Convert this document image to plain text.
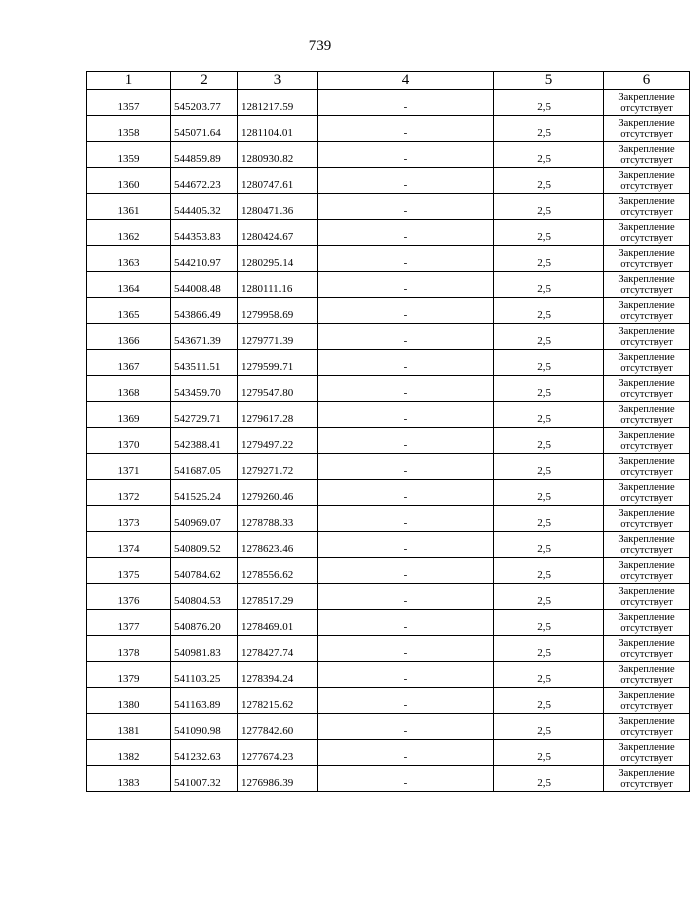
739
1	2	3	4	5	6
1357	545203.77	1281217.59	-	2,5	Закрепление отсутствует
1358	545071.64	1281104.01	-	2,5	Закрепление отсутствует
1359	544859.89	1280930.82	-	2,5	Закрепление отсутствует
1360	544672.23	1280747.61	-	2,5	Закрепление отсутствует
1361	544405.32	1280471.36	-	2,5	Закрепление отсутствует
1362	544353.83	1280424.67	-	2,5	Закрепление отсутствует
1363	544210.97	1280295.14	-	2,5	Закрепление отсутствует
1364	544008.48	1280111.16	-	2,5	Закрепление отсутствует
1365	543866.49	1279958.69	-	2,5	Закрепление отсутствует
1366	543671.39	1279771.39	-	2,5	Закрепление отсутствует
1367	543511.51	1279599.71	-	2,5	Закрепление отсутствует
1368	543459.70	1279547.80	-	2,5	Закрепление отсутствует
1369	542729.71	1279617.28	-	2,5	Закрепление отсутствует
1370	542388.41	1279497.22	-	2,5	Закрепление отсутствует
1371	541687.05	1279271.72	-	2,5	Закрепление отсутствует
1372	541525.24	1279260.46	-	2,5	Закрепление отсутствует
1373	540969.07	1278788.33	-	2,5	Закрепление отсутствует
1374	540809.52	1278623.46	-	2,5	Закрепление отсутствует
1375	540784.62	1278556.62	-	2,5	Закрепление отсутствует
1376	540804.53	1278517.29	-	2,5	Закрепление отсутствует
1377	540876.20	1278469.01	-	2,5	Закрепление отсутствует
1378	540981.83	1278427.74	-	2,5	Закрепление отсутствует
1379	541103.25	1278394.24	-	2,5	Закрепление отсутствует
1380	541163.89	1278215.62	-	2,5	Закрепление отсутствует
1381	541090.98	1277842.60	-	2,5	Закрепление отсутствует
1382	541232.63	1277674.23	-	2,5	Закрепление отсутствует
1383	541007.32	1276986.39	-	2,5	Закрепление отсутствует
